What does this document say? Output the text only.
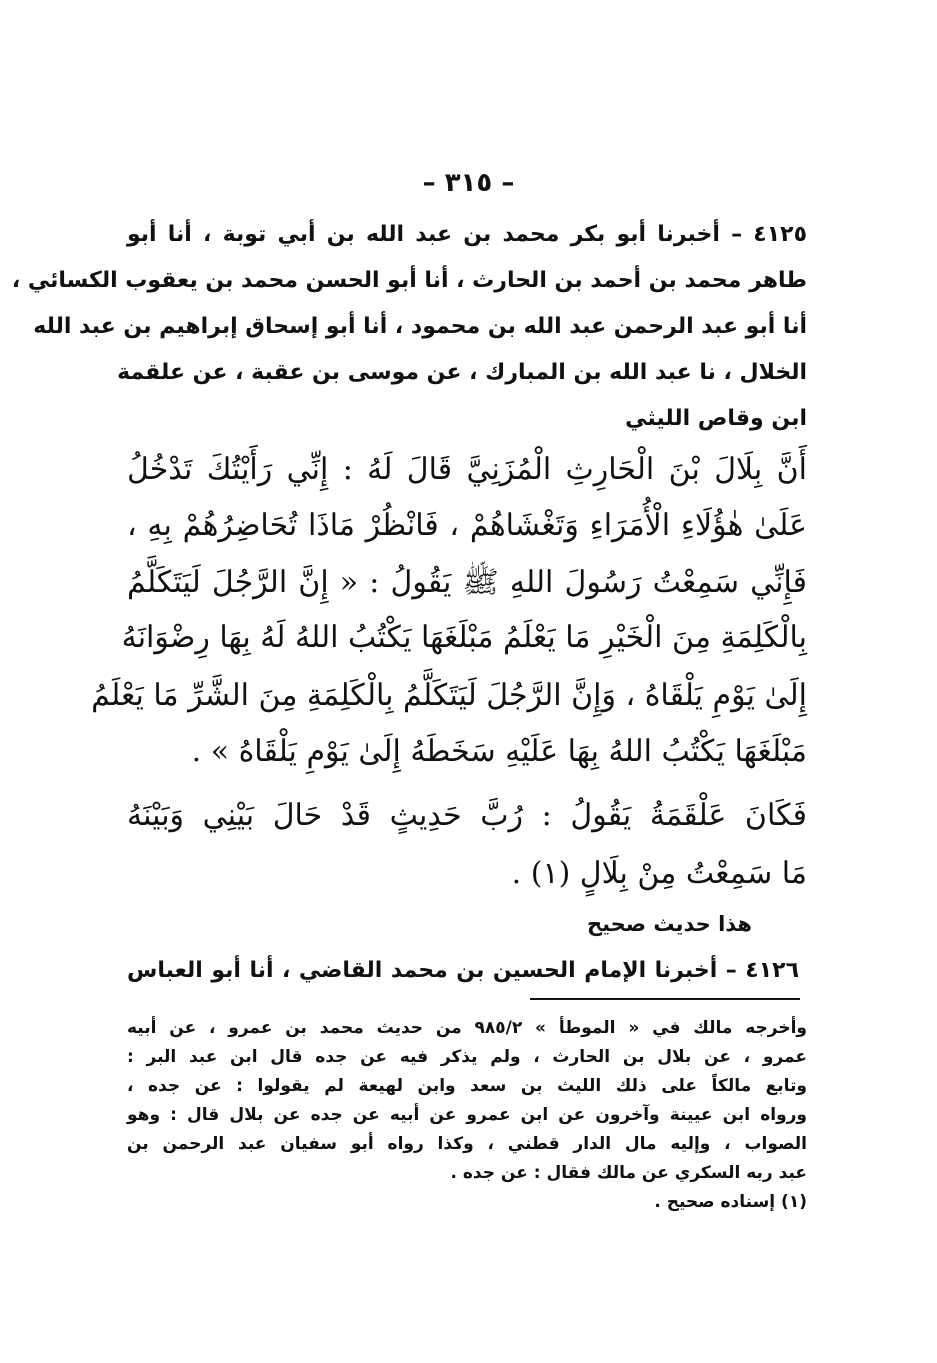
– ٣١٥ –
٤١٢٥ – أخبرنا أبو بكر محمد بن عبد الله بن أبي توبة ، أنا أبو
طاهر محمد بن أحمد بن الحارث ، أنا أبو الحسن محمد بن يعقوب الكسائي ،
أنا أبو عبد الرحمن عبد الله بن محمود ، أنا أبو إسحاق إبراهيم بن عبد الله
الخلال ، نا عبد الله بن المبارك ، عن موسى بن عقبة ، عن علقمة
ابن وقاص الليثي
أَنَّ بِلَالَ بْنَ الْحَارِثِ الْمُزَنِيَّ قَالَ لَهُ : إِنِّي رَأَيْتُكَ تَدْخُلُ
عَلَىٰ هٰؤُلَاءِ الْأُمَرَاءِ وَتَغْشَاهُمْ ، فَانْظُرْ مَاذَا تُحَاضِرُهُمْ بِهِ ،
فَإِنِّي سَمِعْتُ رَسُولَ اللهِ ﷺ يَقُولُ : « إِنَّ الرَّجُلَ لَيَتَكَلَّمُ
بِالْكَلِمَةِ مِنَ الْخَيْرِ مَا يَعْلَمُ مَبْلَغَهَا يَكْتُبُ اللهُ لَهُ بِهَا رِضْوَانَهُ
إِلَىٰ يَوْمِ يَلْقَاهُ ، وَإِنَّ الرَّجُلَ لَيَتَكَلَّمُ بِالْكَلِمَةِ مِنَ الشَّرِّ مَا يَعْلَمُ
مَبْلَغَهَا يَكْتُبُ اللهُ بِهَا عَلَيْهِ سَخَطَهُ إِلَىٰ يَوْمِ يَلْقَاهُ » .
فَكَانَ عَلْقَمَةُ يَقُولُ : رُبَّ حَدِيثٍ قَدْ حَالَ بَيْنِي وَبَيْنَهُ
مَا سَمِعْتُ مِنْ بِلَالٍ (١) .
هذا حديث صحيح
٤١٢٦ – أخبرنا الإمام الحسين بن محمد القاضي ، أنا أبو العباس
وأخرجه مالك في « الموطأ » ٩٨٥/٢ من حديث محمد بن عمرو ، عن أبيه
عمرو ، عن بلال بن الحارث ، ولم يذكر فيه عن جده قال ابن عبد البر :
وتابع مالكاً على ذلك الليث بن سعد وابن لهيعة لم يقولوا : عن جده ،
ورواه ابن عيينة وآخرون عن ابن عمرو عن أبيه عن جده عن بلال قال : وهو
الصواب ، وإليه مال الدار قطني ، وكذا رواه أبو سفيان عبد الرحمن بن
عبد ربه السكري عن مالك فقال : عن جده .
(١) إسناده صحيح .
